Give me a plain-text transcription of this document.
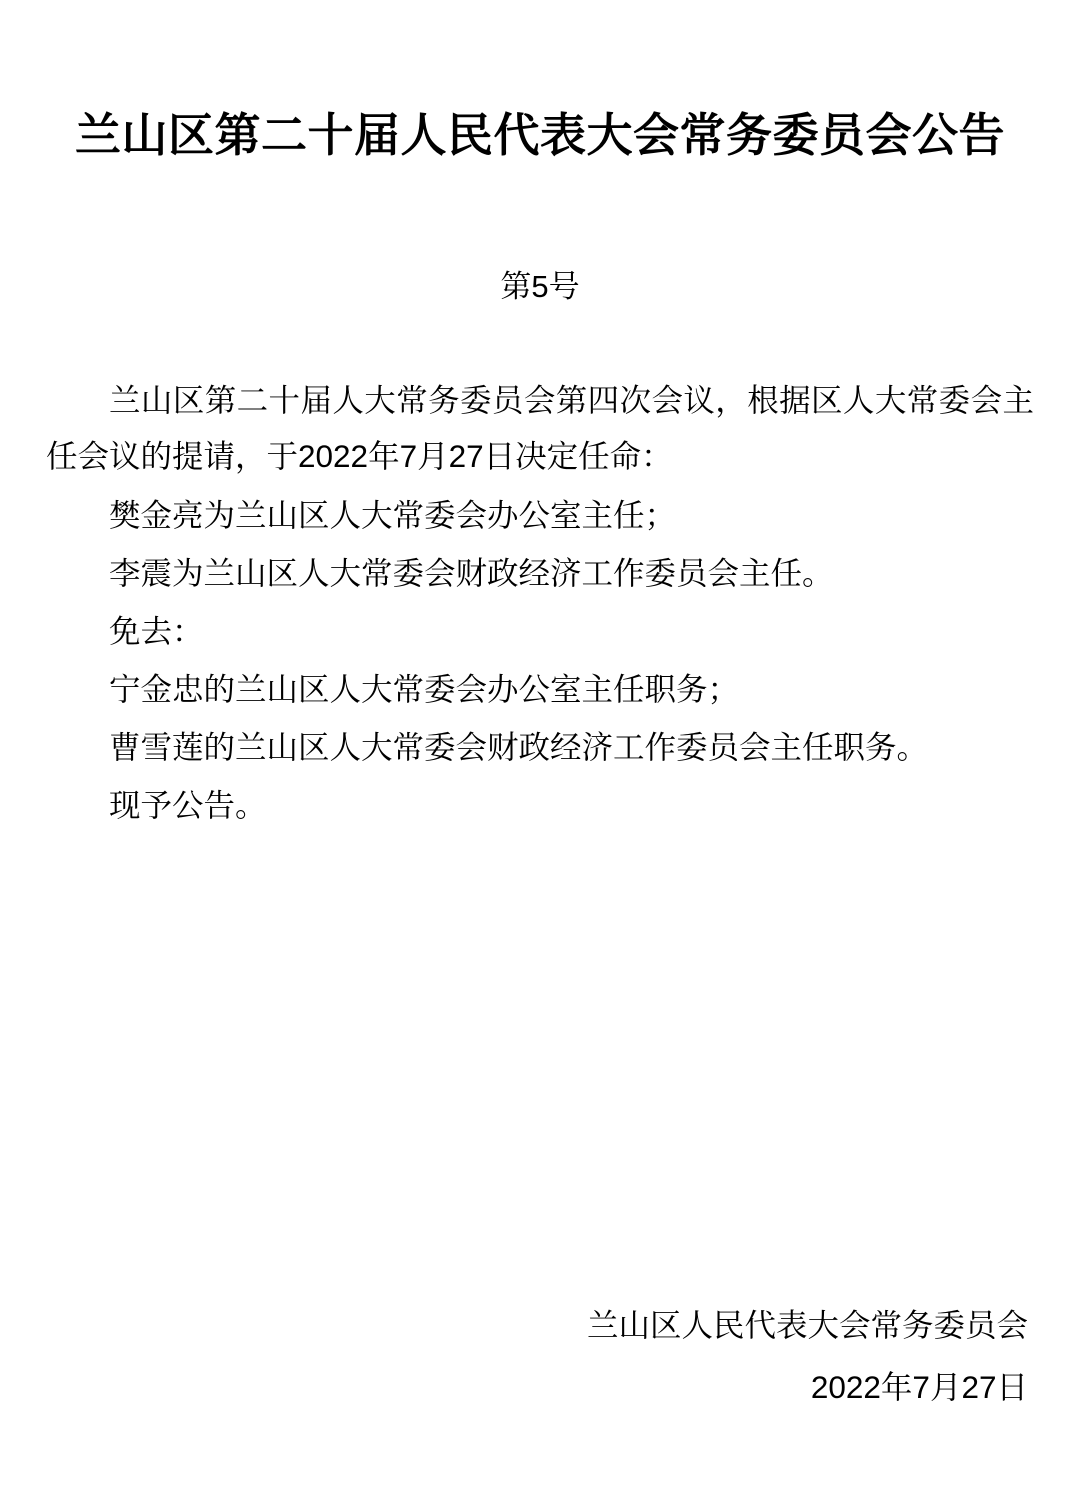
兰山区第二十届人民代表大会常务委员会公告
第5号

兰山区第二十届人大常务委员会第四次会议，根据区人大常委会主任会议的提请，于2022年7月27日决定任命：

樊金亮为兰山区人大常委会办公室主任；

李震为兰山区人大常委会财政经济工作委员会主任。

免去：

宁金忠的兰山区人大常委会办公室主任职务；

曹雪莲的兰山区人大常委会财政经济工作委员会主任职务。

现予公告。

兰山区人民代表大会常务委员会
2022年7月27日
